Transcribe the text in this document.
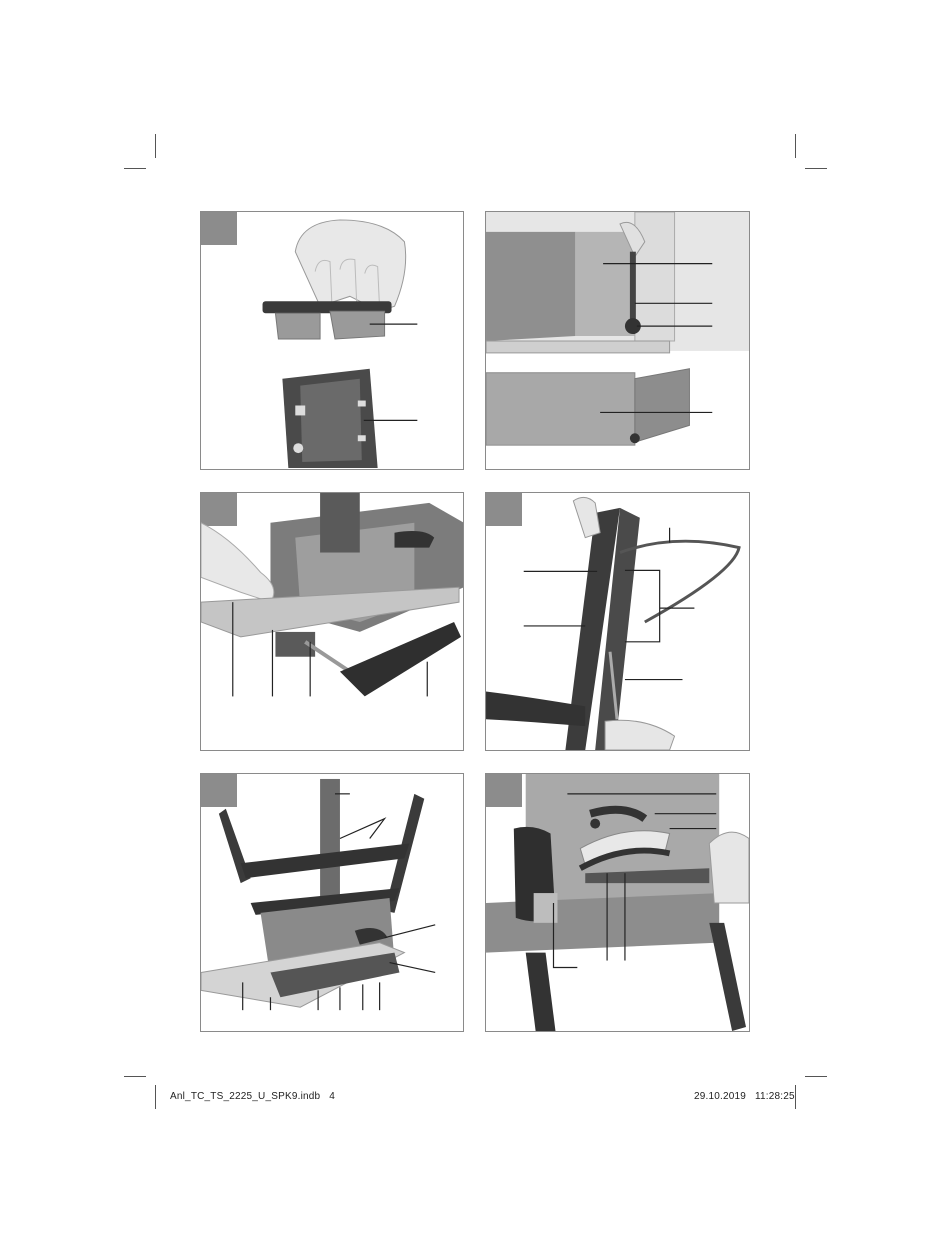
Anl_TC_TS_2225_U_SPK9.indb   4	29.10.2019   11:28:25
